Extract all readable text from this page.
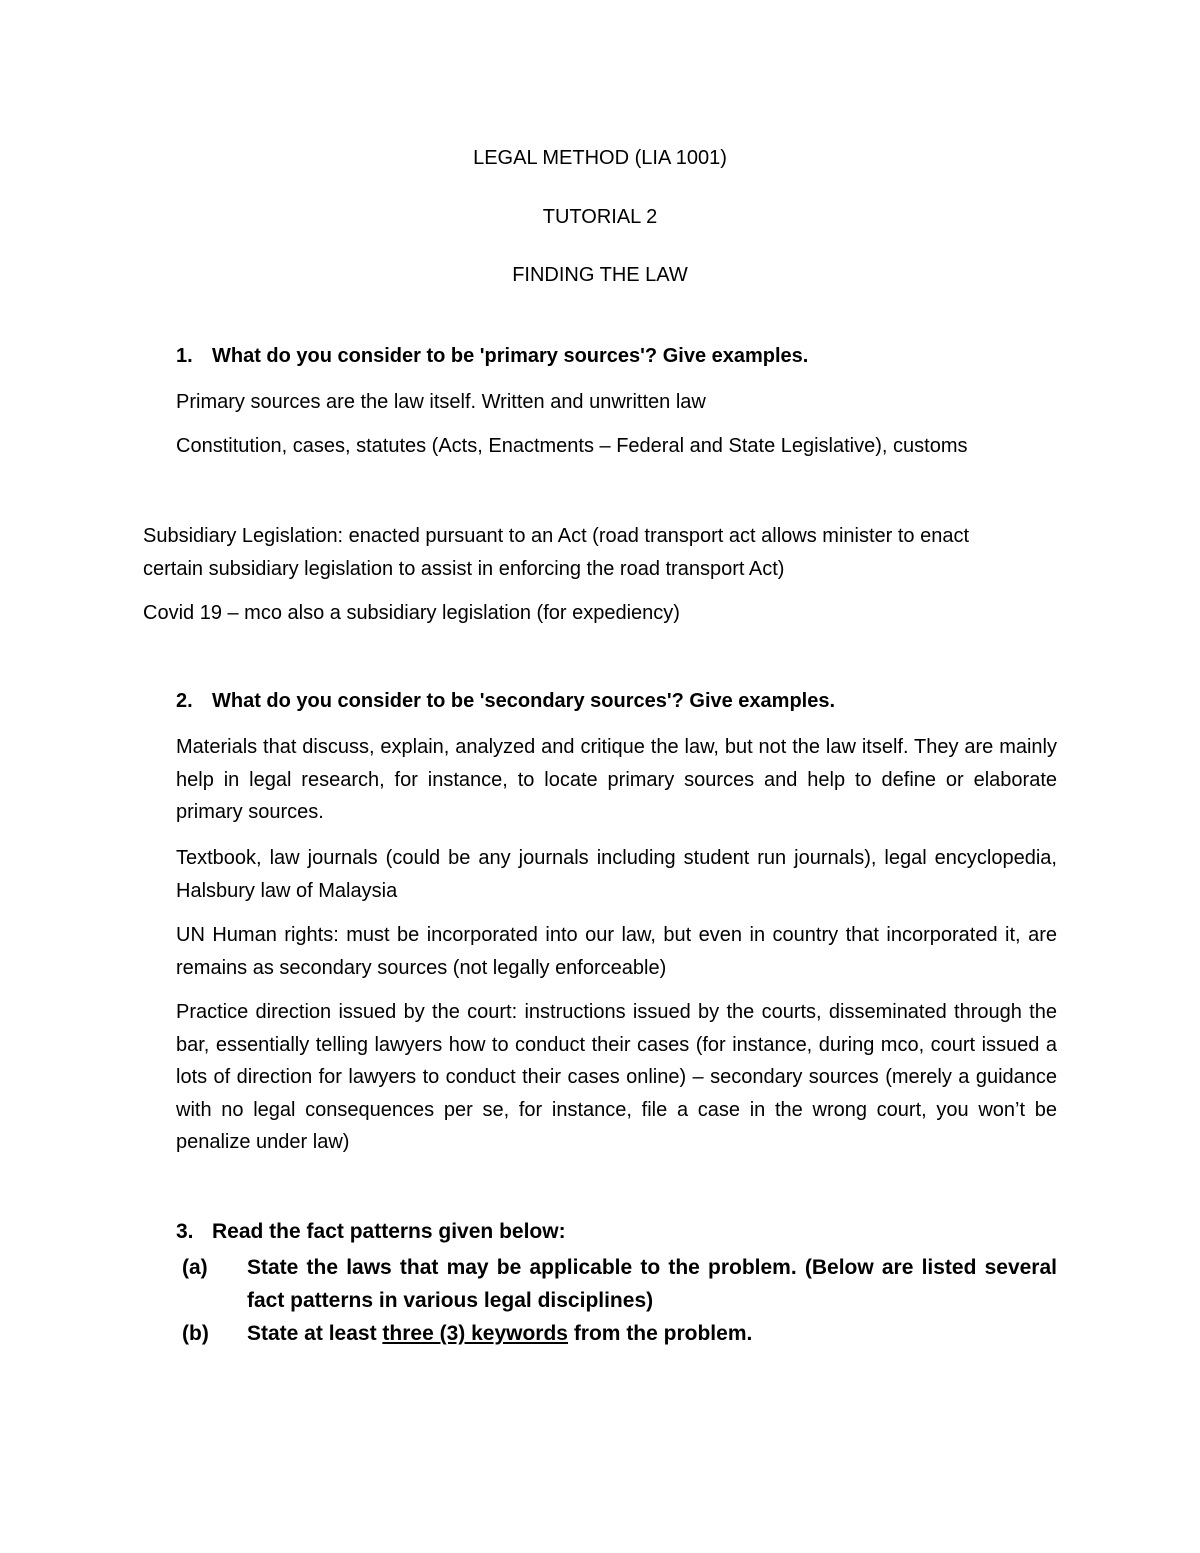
LEGAL METHOD (LIA 1001)
TUTORIAL 2
FINDING THE LAW
1. What do you consider to be 'primary sources'? Give examples.
Primary sources are the law itself. Written and unwritten law
Constitution, cases, statutes (Acts, Enactments – Federal and State Legislative), customs
Subsidiary Legislation: enacted pursuant to an Act (road transport act allows minister to enact
certain subsidiary legislation to assist in enforcing the road transport Act)
Covid 19 – mco also a subsidiary legislation (for expediency)
2. What do you consider to be 'secondary sources'? Give examples.
Materials that discuss, explain, analyzed and critique the law, but not the law itself. They are mainly help in legal research, for instance, to locate primary sources and help to define or elaborate primary sources.
Textbook, law journals (could be any journals including student run journals), legal encyclopedia, Halsbury law of Malaysia
UN Human rights: must be incorporated into our law, but even in country that incorporated it, are remains as secondary sources (not legally enforceable)
Practice direction issued by the court: instructions issued by the courts, disseminated through the bar, essentially telling lawyers how to conduct their cases (for instance, during mco, court issued a lots of direction for lawyers to conduct their cases online) – secondary sources (merely a guidance with no legal consequences per se, for instance, file a case in the wrong court, you won’t be penalize under law)
3. Read the fact patterns given below:
(a) State the laws that may be applicable to the problem. (Below are listed several fact patterns in various legal disciplines)
(b) State at least three (3) keywords from the problem.
